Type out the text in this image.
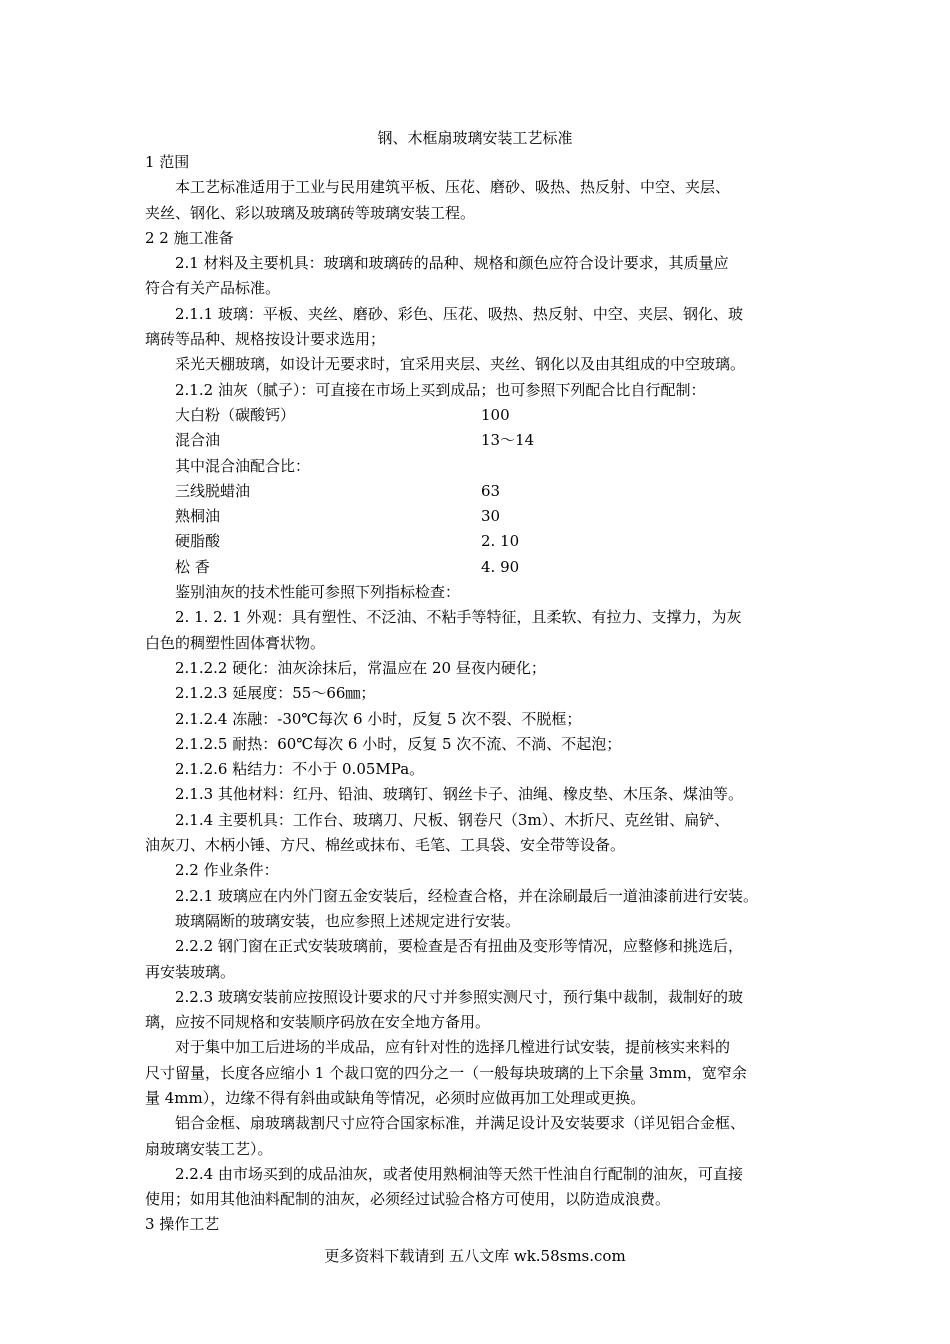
钢、木框扇玻璃安装工艺标准
1 范围
本工艺标准适用于工业与民用建筑平板、压花、磨砂、吸热、热反射、中空、夹层、
夹丝、钢化、彩以玻璃及玻璃砖等玻璃安装工程。
2 2 施工准备
2.1 材料及主要机具：玻璃和玻璃砖的品种、规格和颜色应符合设计要求，其质量应
符合有关产品标准。
2.1.1 玻璃：平板、夹丝、磨砂、彩色、压花、吸热、热反射、中空、夹层、钢化、玻
璃砖等品种、规格按设计要求选用；
采光天棚玻璃，如设计无要求时，宜采用夹层、夹丝、钢化以及由其组成的中空玻璃。
2.1.2 油灰（腻子）：可直接在市场上买到成品；也可参照下列配合比自行配制：
大白粉（碳酸钙）	100
混合油	13～14
其中混合油配合比：
三线脱蜡油	63
熟桐油	30
硬脂酸	2. 10
松 香	4. 90
鉴别油灰的技术性能可参照下列指标检查：
2. 1. 2. 1 外观：具有塑性、不泛油、不粘手等特征，且柔软、有拉力、支撑力，为灰
白色的稠塑性固体膏状物。
2.1.2.2 硬化：油灰涂抹后，常温应在 20 昼夜内硬化；
2.1.2.3 延展度：55～66㎜；
2.1.2.4 冻融：-30℃每次 6 小时，反复 5 次不裂、不脱框；
2.1.2.5 耐热：60℃每次 6 小时，反复 5 次不流、不淌、不起泡；
2.1.2.6 粘结力：不小于 0.05MPa。
2.1.3 其他材料：红丹、铅油、玻璃钉、钢丝卡子、油绳、橡皮垫、木压条、煤油等。
2.1.4 主要机具：工作台、玻璃刀、尺板、钢卷尺（3m）、木折尺、克丝钳、扁铲、
油灰刀、木柄小锤、方尺、棉丝或抹布、毛笔、工具袋、安全带等设备。
2.2 作业条件：
2.2.1 玻璃应在内外门窗五金安装后，经检查合格，并在涂刷最后一道油漆前进行安装。
玻璃隔断的玻璃安装，也应参照上述规定进行安装。
2.2.2 钢门窗在正式安装玻璃前，要检查是否有扭曲及变形等情况，应整修和挑选后，
再安装玻璃。
2.2.3 玻璃安装前应按照设计要求的尺寸并参照实测尺寸，预行集中裁制，裁制好的玻
璃，应按不同规格和安装顺序码放在安全地方备用。
对于集中加工后进场的半成品，应有针对性的选择几樘进行试安装，提前核实来料的
尺寸留量，长度各应缩小 1 个裁口宽的四分之一（一般每块玻璃的上下余量 3mm，宽窄余
量 4mm），边缘不得有斜曲或缺角等情况，必须时应做再加工处理或更换。
铝合金框、扇玻璃裁割尺寸应符合国家标准，并满足设计及安装要求（详见铝合金框、
扇玻璃安装工艺）。
2.2.4 由市场买到的成品油灰，或者使用熟桐油等天然干性油自行配制的油灰，可直接
使用；如用其他油料配制的油灰，必须经过试验合格方可使用，以防造成浪费。
3 操作工艺
更多资料下载请到 五八文库 wk.58sms.com
